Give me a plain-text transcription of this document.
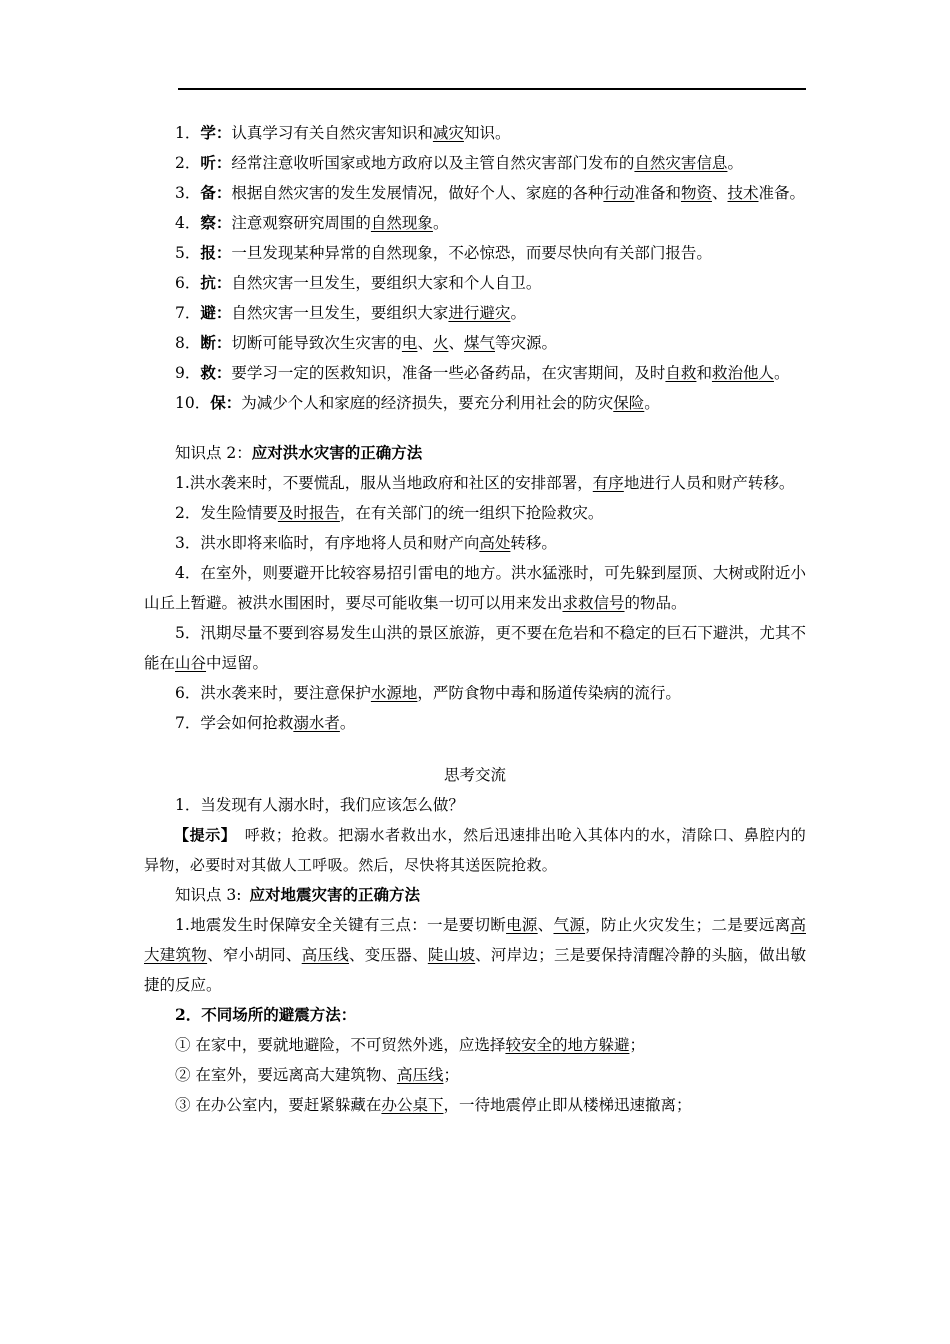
1．学：认真学习有关自然灾害知识和减灾知识。

2．听：经常注意收听国家或地方政府以及主管自然灾害部门发布的自然灾害信息。

3．备：根据自然灾害的发生发展情况，做好个人、家庭的各种行动准备和物资、技术准备。

4．察：注意观察研究周围的自然现象。

5．报：一旦发现某种异常的自然现象，不必惊恐，而要尽快向有关部门报告。

6．抗：自然灾害一旦发生，要组织大家和个人自卫。

7．避：自然灾害一旦发生，要组织大家进行避灾。

8．断：切断可能导致次生灾害的电、火、煤气等灾源。

9．救：要学习一定的医救知识，准备一些必备药品，在灾害期间，及时自救和救治他人。

10．保：为减少个人和家庭的经济损失，要充分利用社会的防灾保险。

知识点 2：应对洪水灾害的正确方法

1.洪水袭来时，不要慌乱，服从当地政府和社区的安排部署，有序地进行人员和财产转移。

2．发生险情要及时报告，在有关部门的统一组织下抢险救灾。

3．洪水即将来临时，有序地将人员和财产向高处转移。

4．在室外，则要避开比较容易招引雷电的地方。洪水猛涨时，可先躲到屋顶、大树或附近小山丘上暂避。被洪水围困时，要尽可能收集一切可以用来发出求救信号的物品。

5．汛期尽量不要到容易发生山洪的景区旅游，更不要在危岩和不稳定的巨石下避洪，尤其不能在山谷中逗留。

6．洪水袭来时，要注意保护水源地，严防食物中毒和肠道传染病的流行。

7．学会如何抢救溺水者。

思考交流

1．当发现有人溺水时，我们应该怎么做？

【提示】 呼救；抢救。把溺水者救出水，然后迅速排出呛入其体内的水，清除口、鼻腔内的异物，必要时对其做人工呼吸。然后，尽快将其送医院抢救。

知识点 3: 应对地震灾害的正确方法

1.地震发生时保障安全关键有三点：一是要切断电源、气源，防止火灾发生；二是要远离高大建筑物、窄小胡同、高压线、变压器、陡山坡、河岸边；三是要保持清醒冷静的头脑，做出敏捷的反应。

2．不同场所的避震方法：

① 在家中，要就地避险，不可贸然外逃，应选择较安全的地方躲避；

② 在室外，要远离高大建筑物、高压线；

③ 在办公室内，要赶紧躲藏在办公桌下，一待地震停止即从楼梯迅速撤离；
